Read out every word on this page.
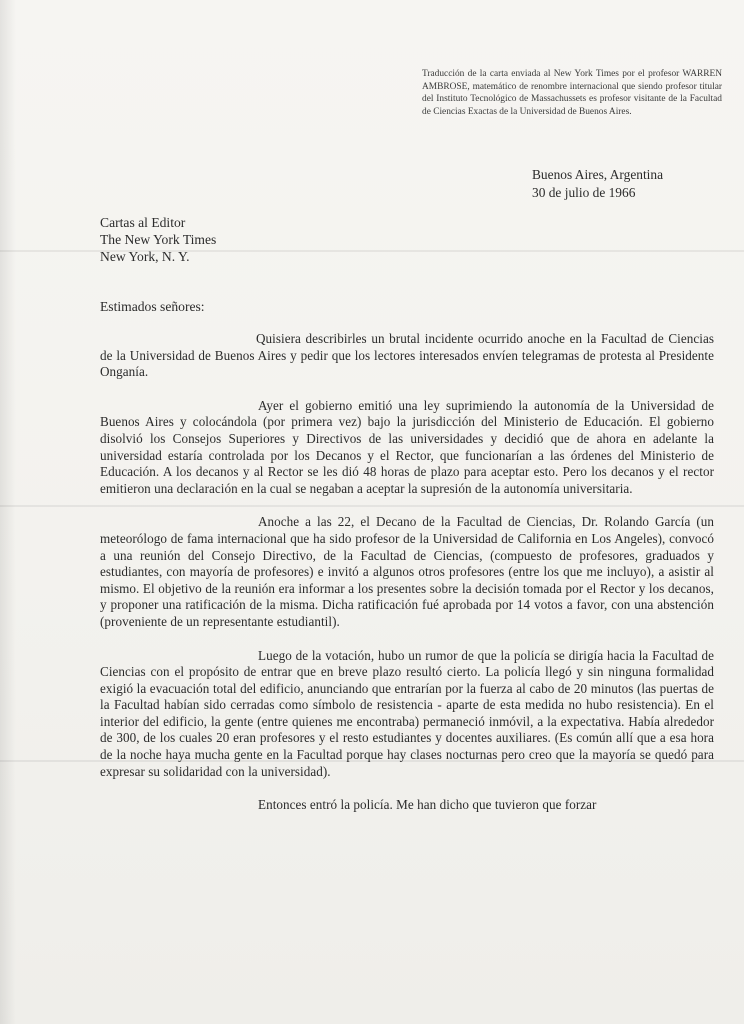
Traducción de la carta enviada al New York Times por el profesor WARREN AMBROSE, matemático de renombre internacional que siendo profesor titular del Instituto Tecnológico de Massachussets es profesor visitante de la Facultad de Ciencias Exactas de la Universidad de Buenos Aires.
Buenos Aires, Argentina
30 de julio de 1966
Cartas al Editor
The New York Times
New York, N. Y.
Estimados señores:

Quisiera describirles un brutal incidente ocurrido anoche en la Facultad de Ciencias de la Universidad de Buenos Aires y pedir que los lectores interesados envíen telegramas de protesta al Presidente Onganía.

Ayer el gobierno emitió una ley suprimiendo la autonomía de la Universidad de Buenos Aires y colocándola (por primera vez) bajo la jurisdicción del Ministerio de Educación. El gobierno disolvió los Consejos Superiores y Directivos de las universidades y decidió que de ahora en adelante la universidad estaría controlada por los Decanos y el Rector, que funcionarían a las órdenes del Ministerio de Educación. A los decanos y al Rector se les dió 48 horas de plazo para aceptar esto. Pero los decanos y el rector emitieron una declaración en la cual se negaban a aceptar la supresión de la autonomía universitaria.

Anoche a las 22, el Decano de la Facultad de Ciencias, Dr. Rolando García (un meteorólogo de fama internacional que ha sido profesor de la Universidad de California en Los Angeles), convocó a una reunión del Consejo Directivo, de la Facultad de Ciencias, (compuesto de profesores, graduados y estudiantes, con mayoría de profesores) e invitó a algunos otros profesores (entre los que me incluyo), a asistir al mismo. El objetivo de la reunión era informar a los presentes sobre la decisión tomada por el Rector y los decanos, y proponer una ratificación de la misma. Dicha ratificación fué aprobada por 14 votos a favor, con una abstención (proveniente de un representante estudiantil).

Luego de la votación, hubo un rumor de que la policía se dirigía hacia la Facultad de Ciencias con el propósito de entrar que en breve plazo resultó cierto. La policía llegó y sin ninguna formalidad exigió la evacuación total del edificio, anunciando que entrarían por la fuerza al cabo de 20 minutos (las puertas de la Facultad habían sido cerradas como símbolo de resistencia - aparte de esta medida no hubo resistencia). En el interior del edificio, la gente (entre quienes me encontraba) permaneció inmóvil, a la expectativa. Había alrededor de 300, de los cuales 20 eran profesores y el resto estudiantes y docentes auxiliares. (Es común allí que a esa hora de la noche haya mucha gente en la Facultad porque hay clases nocturnas pero creo que la mayoría se quedó para expresar su solidaridad con la universidad).

Entonces entró la policía. Me han dicho que tuvieron que forzar
